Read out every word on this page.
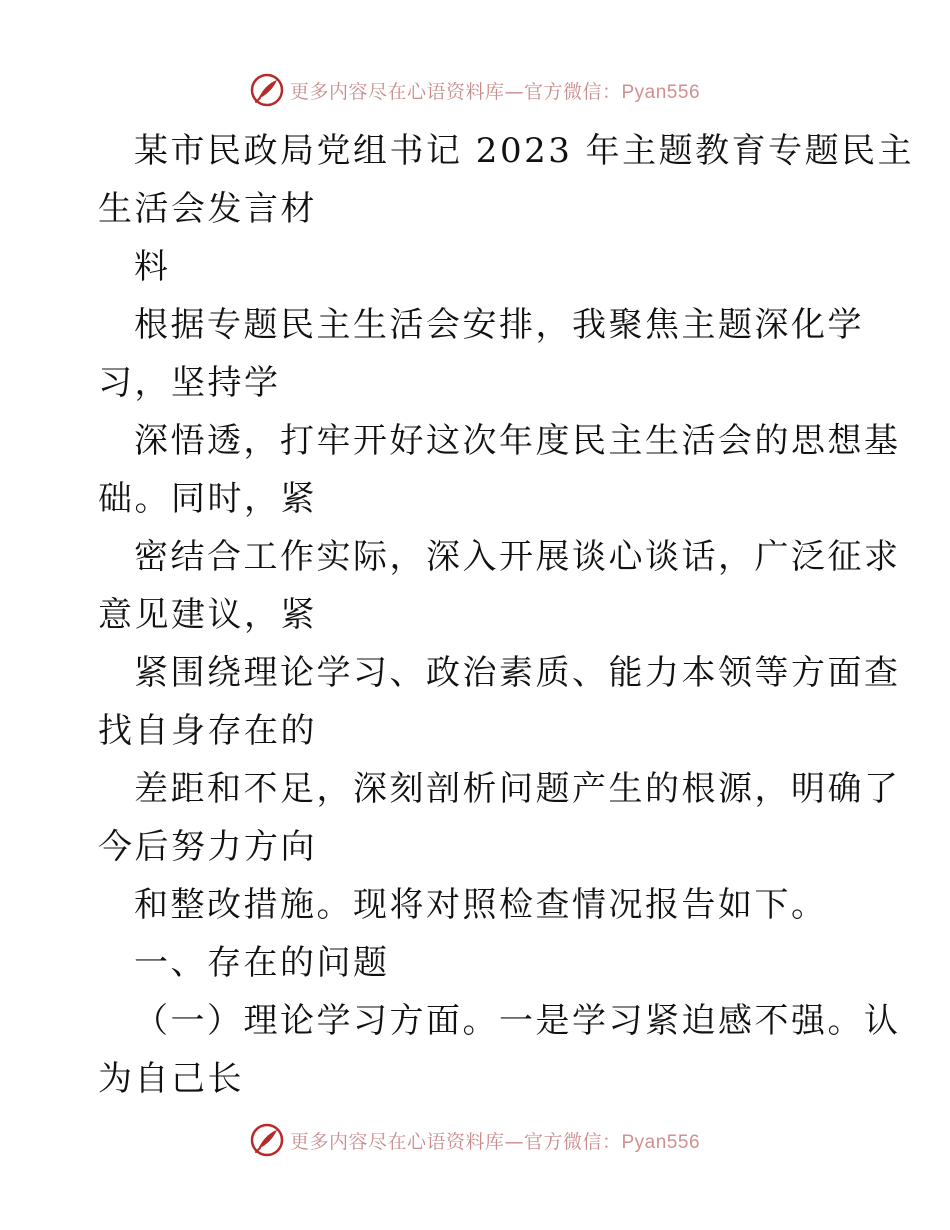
更多内容尽在心语资料库—官方微信：Pyan556
某市民政局党组书记 2023 年主题教育专题民主
生活会发言材
料
根据专题民主生活会安排，我聚焦主题深化学
习，坚持学
深悟透，打牢开好这次年度民主生活会的思想基
础。同时，紧
密结合工作实际，深入开展谈心谈话，广泛征求
意见建议，紧
紧围绕理论学习、政治素质、能力本领等方面查
找自身存在的
差距和不足，深刻剖析问题产生的根源，明确了
今后努力方向
和整改措施。现将对照检查情况报告如下。
一、存在的问题
（一）理论学习方面。一是学习紧迫感不强。认
为自己长
更多内容尽在心语资料库—官方微信：Pyan556
